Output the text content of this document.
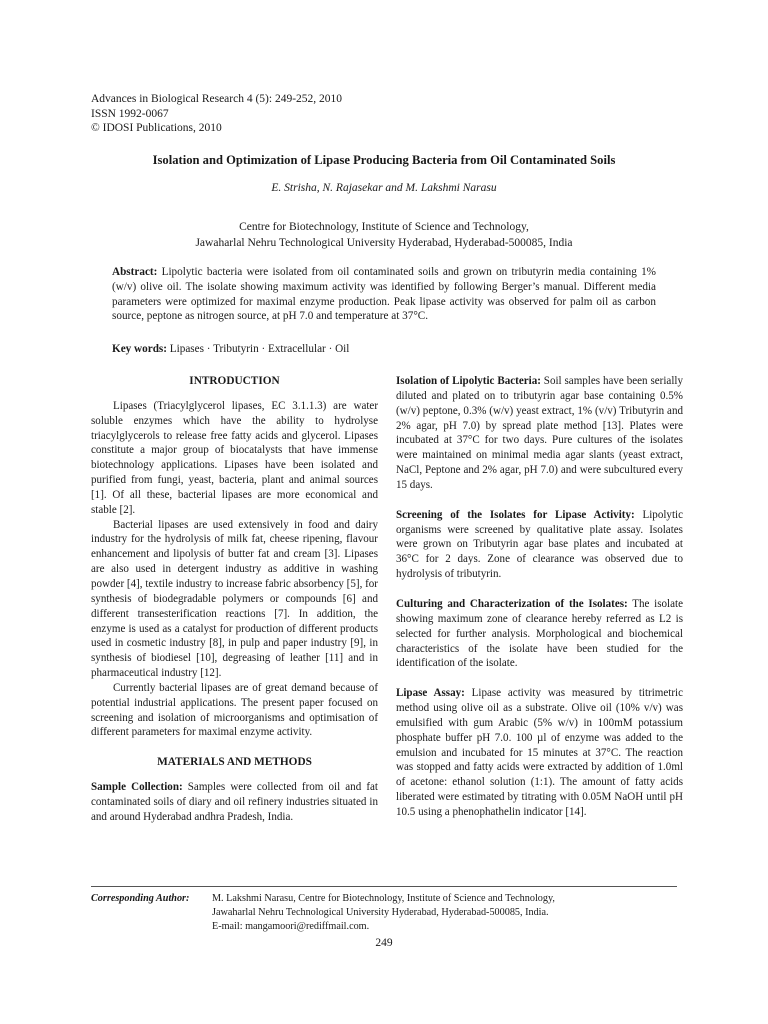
Advances in Biological Research 4 (5): 249-252, 2010
ISSN 1992-0067
© IDOSI Publications, 2010
Isolation and Optimization of Lipase Producing Bacteria from Oil Contaminated Soils
E. Strisha, N. Rajasekar and M. Lakshmi Narasu
Centre for Biotechnology, Institute of Science and Technology,
Jawaharlal Nehru Technological University Hyderabad, Hyderabad-500085, India
Abstract: Lipolytic bacteria were isolated from oil contaminated soils and grown on tributyrin media containing 1% (w/v) olive oil. The isolate showing maximum activity was identified by following Berger’s manual. Different media parameters were optimized for maximal enzyme production. Peak lipase activity was observed for palm oil as carbon source, peptone as nitrogen source, at pH 7.0 and temperature at 37°C.
Key words: Lipases · Tributyrin · Extracellular · Oil

INTRODUCTION

Lipases (Triacylglycerol lipases, EC 3.1.1.3) are water soluble enzymes which have the ability to hydrolyse triacylglycerols to release free fatty acids and glycerol. Lipases constitute a major group of biocatalysts that have immense biotechnology applications. Lipases have been isolated and purified from fungi, yeast, bacteria, plant and animal sources [1]. Of all these, bacterial lipases are more economical and stable [2].

Bacterial lipases are used extensively in food and dairy industry for the hydrolysis of milk fat, cheese ripening, flavour enhancement and lipolysis of butter fat and cream [3]. Lipases are also used in detergent industry as additive in washing powder [4], textile industry to increase fabric absorbency [5], for synthesis of biodegradable polymers or compounds [6] and different transesterification reactions [7]. In addition, the enzyme is used as a catalyst for production of different products used in cosmetic industry [8], in pulp and paper industry [9], in synthesis of biodiesel [10], degreasing of leather [11] and in pharmaceutical industry [12].

Currently bacterial lipases are of great demand because of potential industrial applications. The present paper focused on screening and isolation of microorganisms and optimisation of different parameters for maximal enzyme activity.

MATERIALS AND METHODS

Sample Collection: Samples were collected from oil and fat contaminated soils of diary and oil refinery industries situated in and around Hyderabad andhra Pradesh, India.

Isolation of Lipolytic Bacteria: Soil samples have been serially diluted and plated on to tributyrin agar base containing 0.5% (w/v) peptone, 0.3% (w/v) yeast extract, 1% (v/v) Tributyrin and 2% agar, pH 7.0) by spread plate method [13]. Plates were incubated at 37°C for two days. Pure cultures of the isolates were maintained on minimal media agar slants (yeast extract, NaCl, Peptone and 2% agar, pH 7.0) and were subcultured every 15 days.

Screening of the Isolates for Lipase Activity: Lipolytic organisms were screened by qualitative plate assay. Isolates were grown on Tributyrin agar base plates and incubated at 36°C for 2 days. Zone of clearance was observed due to hydrolysis of tributyrin.

Culturing and Characterization of the Isolates: The isolate showing maximum zone of clearance hereby referred as L2 is selected for further analysis. Morphological and biochemical characteristics of the isolate have been studied for the identification of the isolate.

Lipase Assay: Lipase activity was measured by titrimetric method using olive oil as a substrate. Olive oil (10% v/v) was emulsified with gum Arabic (5% w/v) in 100mM potassium phosphate buffer pH 7.0. 100 µl of enzyme was added to the emulsion and incubated for 15 minutes at 37°C. The reaction was stopped and fatty acids were extracted by addition of 1.0ml of acetone: ethanol solution (1:1). The amount of fatty acids liberated were estimated by titrating with 0.05M NaOH until pH 10.5 using a phenophathelin indicator [14].

Corresponding Author: M. Lakshmi Narasu, Centre for Biotechnology, Institute of Science and Technology,
Jawaharlal Nehru Technological University Hyderabad, Hyderabad-500085, India.
E-mail: mangamoori@rediffmail.com.
249
